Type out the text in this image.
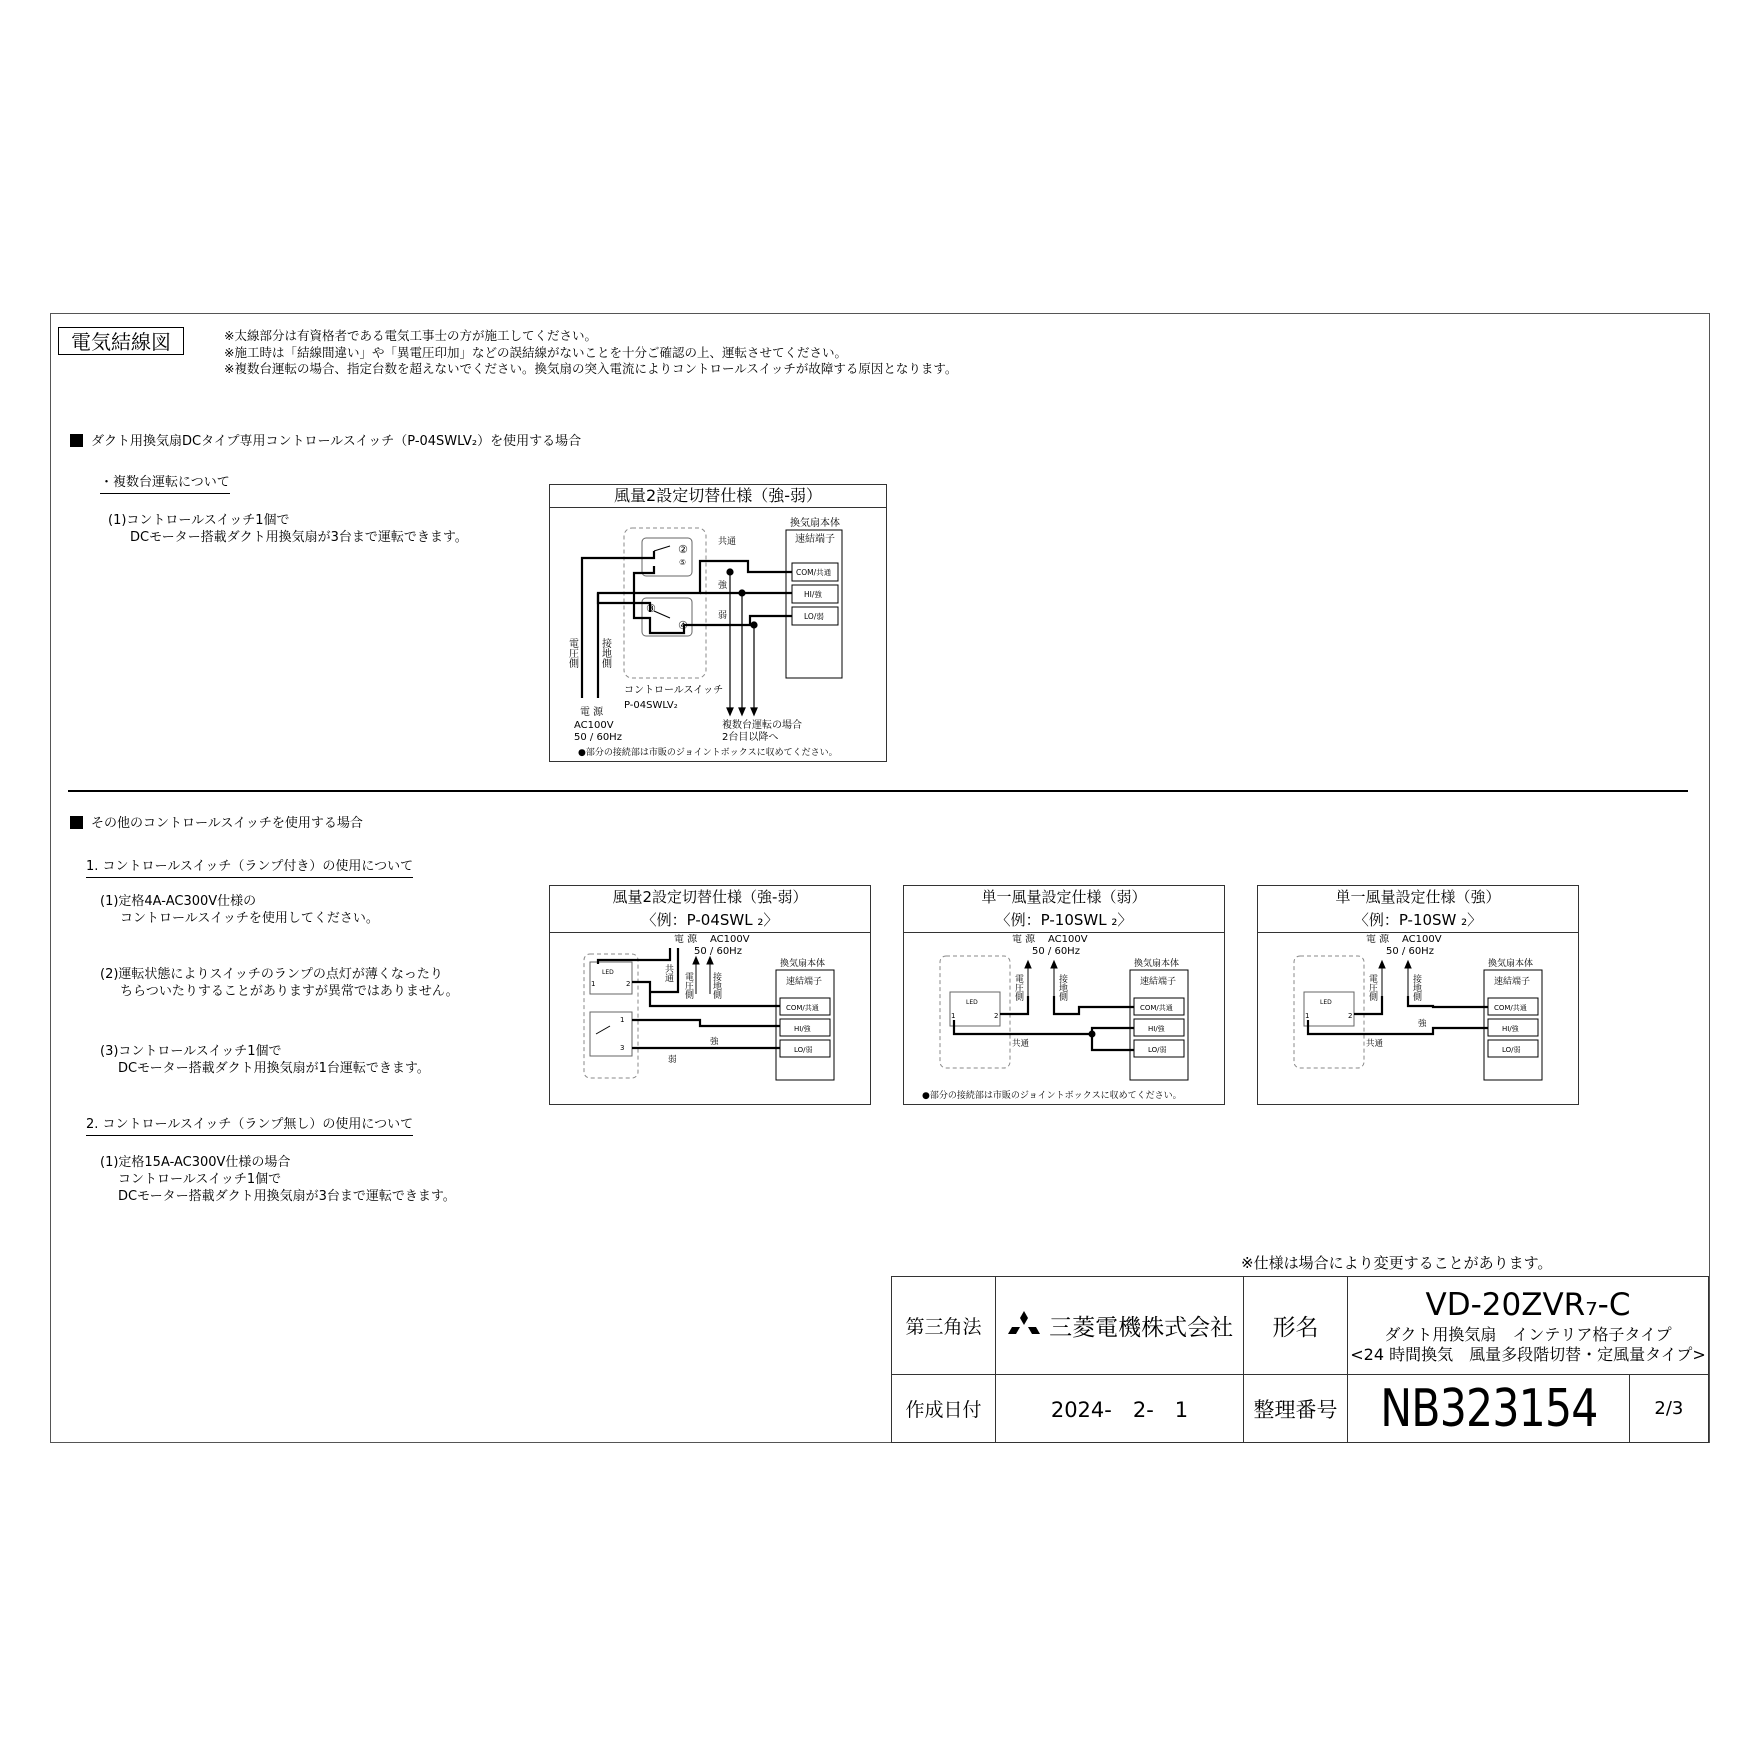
電気結線図	※太線部分は有資格者である電気工事士の方が施工してください。
※施工時は「結線間違い」や「異電圧印加」などの誤結線がないことを十分ご確認の上、運転させてください。
※複数台運転の場合、指定台数を超えないでください。換気扇の突入電流によりコントロールスイッチが故障する原因となります。
ダクト用換気扇DCタイプ専用コントロールスイッチ（P-04SWLV₂）を使用する場合
・複数台運転について
(1)コントロールスイッチ1個で
DCモーター搭載ダクト用換気扇が3台まで運転できます。
風量2設定切替仕様（強-弱）
②
⑤
③
④
共通
強
弱
換気扇本体
速結端子
COM/共通
HI/強
LO/弱
電圧側 接地側
コントロールスイッチ
P-04SWLV₂
電 源
AC100V
50 / 60Hz
複数台運転の場合
2台目以降へ
●部分の接続部は市販のジョイントボックスに収めてください。
その他のコントロールスイッチを使用する場合
1. コントロールスイッチ（ランプ付き）の使用について
(1)定格4A-AC300V仕様の
コントロールスイッチを使用してください。
(2)運転状態によりスイッチのランプの点灯が薄くなったり
ちらついたりすることがありますが異常ではありません。
(3)コントロールスイッチ1個で
DCモーター搭載ダクト用換気扇が1台運転できます。
2. コントロールスイッチ（ランプ無し）の使用について
(1)定格15A-AC300V仕様の場合
コントロールスイッチ1個で
DCモーター搭載ダクト用換気扇が3台まで運転できます。
風量2設定切替仕様（強-弱）
〈例：P-04SWL ₂〉
LED
1	2
1
3
電 源 AC100V
50 / 60Hz
共通 電圧側 接地側
強
弱
換気扇本体
速結端子
COM/共通
HI/強
LO/弱
単一風量設定仕様（弱）
〈例：P-10SWL ₂〉
LED
1	2
電 源 AC100V
50 / 60Hz
電圧側	接地側
共通
換気扇本体
速結端子
COM/共通
HI/強
LO/弱
●部分の接続部は市販のジョイントボックスに収めてください。
単一風量設定仕様（強）
〈例：P-10SW ₂〉
LED
1	2
電 源 AC100V
50 / 60Hz
電圧側	接地側
共通
強
換気扇本体
速結端子
COM/共通
HI/強
LO/弱
※仕様は場合により変更することがあります。
第三角法	三菱電機株式会社	形名	VD-20ZVR₇-C
ダクト用換気扇　インテリア格子タイプ
<24 時間換気　風量多段階切替・定風量タイプ>	

作成日付	2024-　2-　1	整理番号	NB323154	2/3
